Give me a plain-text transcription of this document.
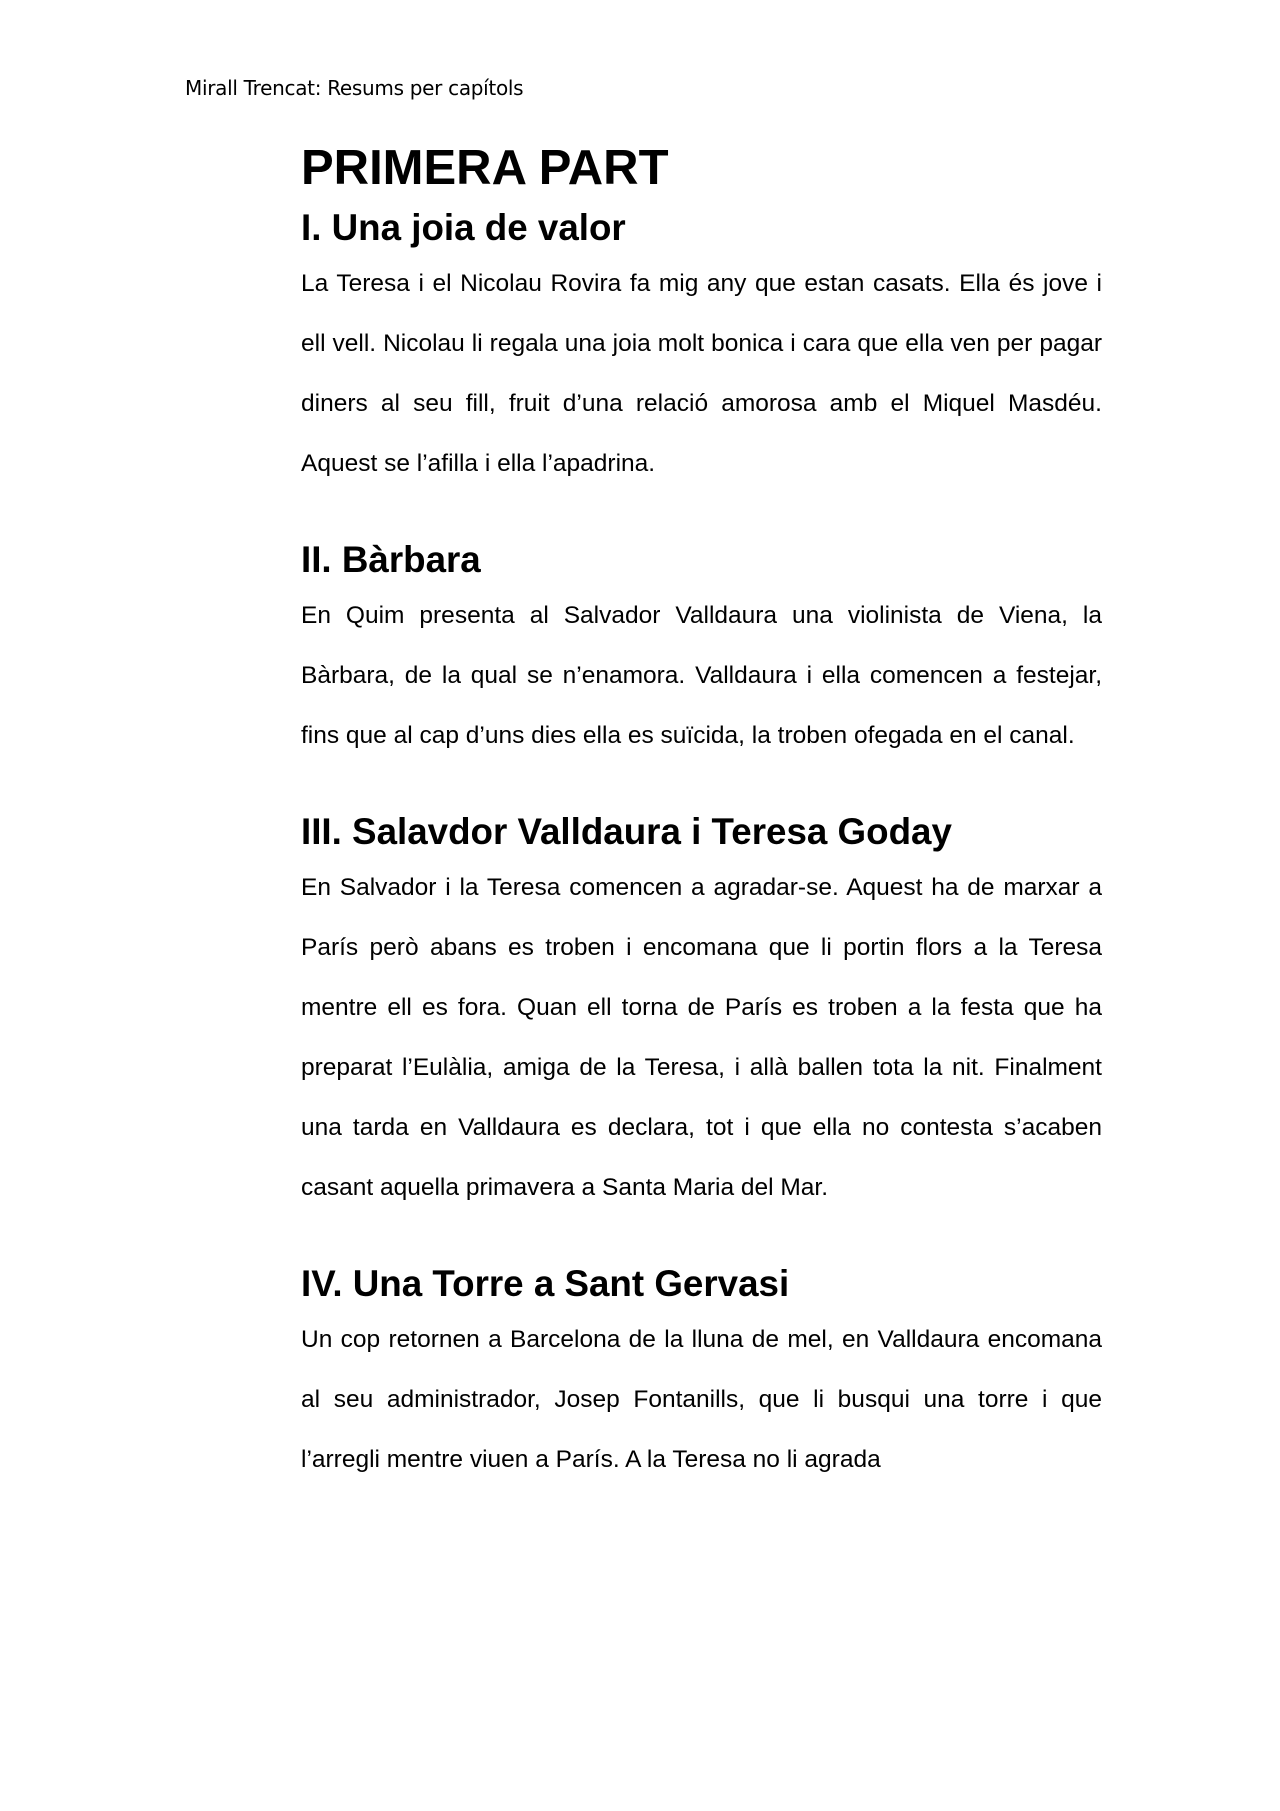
Mirall Trencat: Resums per capítols
PRIMERA PART
I. Una joia de valor

La Teresa i el Nicolau Rovira fa mig any que estan casats. Ella és jove i ell vell. Nicolau li regala una joia molt bonica i cara que ella ven per pagar diners al seu fill, fruit d’una relació amorosa amb el Miquel Masdéu. Aquest se l’afilla i ella l’apadrina.

II. Bàrbara

En Quim presenta al Salvador Valldaura una violinista de Viena, la Bàrbara, de la qual se n’enamora. Valldaura i ella comencen a festejar, fins que al cap d’uns dies ella es suïcida, la troben ofegada en el canal.

III. Salavdor Valldaura i Teresa Goday

En Salvador i la Teresa comencen a agradar-se. Aquest ha de marxar a París però abans es troben i encomana que li portin flors a la Teresa mentre ell es fora. Quan ell torna de París es troben a la festa que ha preparat l’Eulàlia, amiga de la Teresa, i allà ballen tota la nit. Finalment una tarda en Valldaura es declara, tot i que ella no contesta s’acaben casant aquella primavera a Santa Maria del Mar.

IV. Una Torre a Sant Gervasi

Un cop retornen a Barcelona de la lluna de mel, en Valldaura encomana al seu administrador, Josep Fontanills, que li busqui una torre i que l’arregli mentre viuen a París. A la Teresa no li agrada
